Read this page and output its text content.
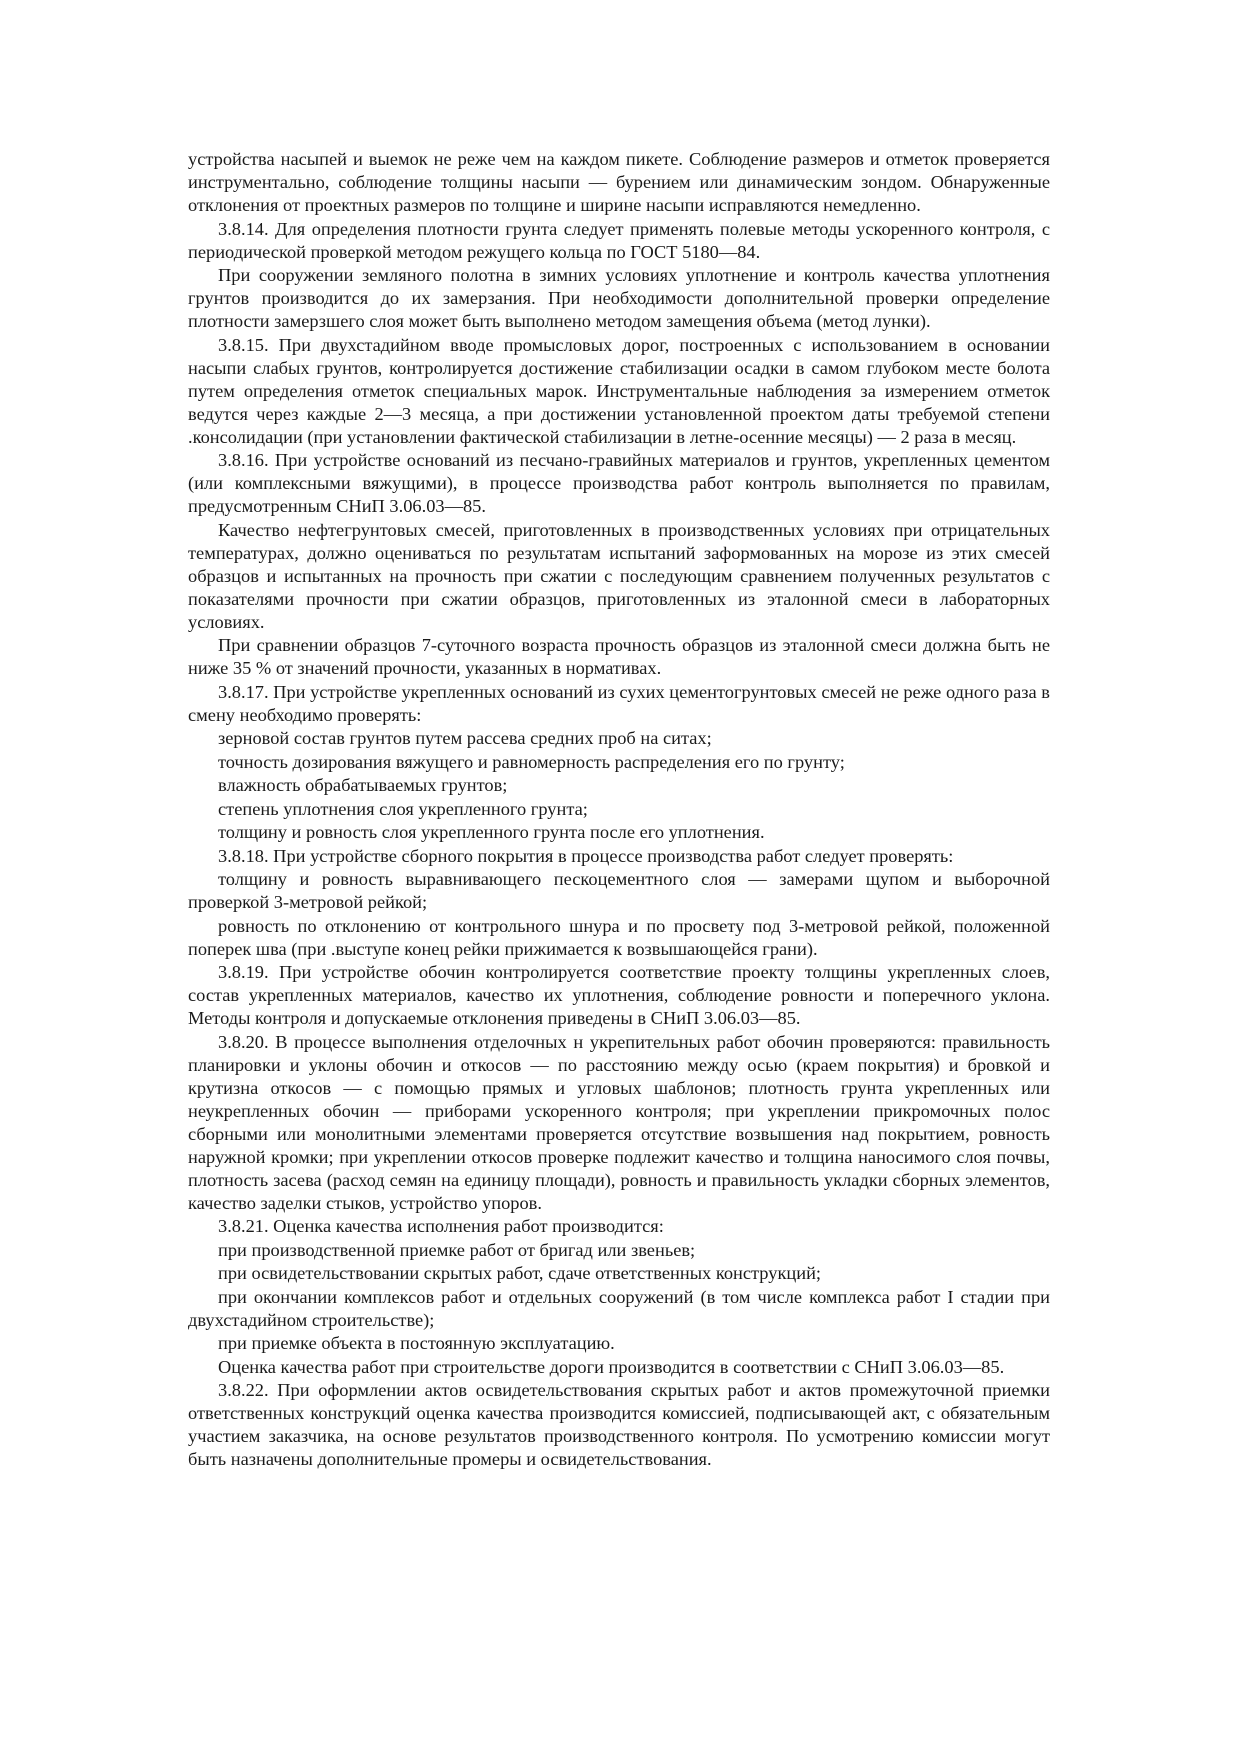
устройства насыпей и выемок не реже чем на каждом пикете. Соблюдение размеров и отметок проверяется инструментально, соблюдение толщины насыпи — бурением или динамическим зондом. Обнаруженные отклонения от проектных размеров по толщине и ширине насыпи исправляются немедленно.

3.8.14. Для определения плотности грунта следует применять полевые методы ускоренного контроля, с периодической проверкой методом режущего кольца по ГОСТ 5180—84.

При сооружении земляного полотна в зимних условиях уплотнение и контроль качества уплотнения грунтов производится до их замерзания. При необходимости дополнительной проверки определение плотности замерзшего слоя может быть выполнено методом замещения объема (метод лунки).

3.8.15. При двухстадийном вводе промысловых дорог, построенных с использованием в основании насыпи слабых грунтов, контролируется достижение стабилизации осадки в самом глубоком месте болота путем определения отметок специальных марок. Инструментальные наблюдения за измерением отметок ведутся через каждые 2—3 месяца, а при достижении установленной проектом даты требуемой степени .консолидации (при установлении фактической стабилизации в летне-осенние месяцы) — 2 раза в месяц.

3.8.16. При устройстве оснований из песчано-гравийных материалов и грунтов, укрепленных цементом (или комплексными вяжущими), в процессе производства работ контроль выполняется по правилам, предусмотренным СНиП 3.06.03—85.

Качество нефтегрунтовых смесей, приготовленных в производственных условиях при отрицательных температурах, должно оцениваться по результатам испытаний заформованных на морозе из этих смесей образцов и испытанных на прочность при сжатии с последующим сравнением полученных результатов с показателями прочности при сжатии образцов, приготовленных из эталонной смеси в лабораторных условиях.

При сравнении образцов 7-суточного возраста прочность образцов из эталонной смеси должна быть не ниже 35 % от значений прочности, указанных в нормативах.

3.8.17. При устройстве укрепленных оснований из сухих цементогрунтовых смесей не реже одного раза в смену необходимо проверять:

зерновой состав грунтов путем рассева средних проб на ситах;

точность дозирования вяжущего и равномерность распределения его по грунту;

влажность обрабатываемых грунтов;

степень уплотнения слоя укрепленного грунта;

толщину и ровность слоя укрепленного грунта после его уплотнения.

3.8.18. При устройстве сборного покрытия в процессе производства работ следует проверять:

толщину и ровность выравнивающего пескоцементного слоя — замерами щупом и выборочной проверкой 3-метровой рейкой;

ровность по отклонению от контрольного шнура и по просвету под 3-метровой рейкой, положенной поперек шва (при .выступе конец рейки прижимается к возвышающейся грани).

3.8.19. При устройстве обочин контролируется соответствие проекту толщины укрепленных слоев, состав укрепленных материалов, качество их уплотнения, соблюдение ровности и поперечного уклона. Методы контроля и допускаемые отклонения приведены в СНиП 3.06.03—85.

3.8.20. В процессе выполнения отделочных н укрепительных работ обочин проверяются: правильность планировки и уклоны обочин и откосов — по расстоянию между осью (краем покрытия) и бровкой и крутизна откосов — с помощью прямых и угловых шаблонов; плотность грунта укрепленных или неукрепленных обочин — приборами ускоренного контроля; при укреплении прикромочных полос сборными или монолитными элементами проверяется отсутствие возвышения над покрытием, ровность наружной кромки; при укреплении откосов проверке подлежит качество и толщина наносимого слоя почвы, плотность засева (расход семян на единицу площади), ровность и правильность укладки сборных элементов, качество заделки стыков, устройство упоров.

3.8.21. Оценка качества исполнения работ производится:

при производственной приемке работ от бригад или звеньев;

при освидетельствовании скрытых работ, сдаче ответственных конструкций;

при окончании комплексов работ и отдельных сооружений (в том числе комплекса работ I стадии при двухстадийном строительстве);

при приемке объекта в постоянную эксплуатацию.

Оценка качества работ при строительстве дороги производится в соответствии с СНиП 3.06.03—85.

3.8.22. При оформлении актов освидетельствования скрытых работ и актов промежуточной приемки ответственных конструкций оценка качества производится комиссией, подписывающей акт, с обязательным участием заказчика, на основе результатов производственного контроля. По усмотрению комиссии могут быть назначены дополнительные промеры и освидетельствования.
